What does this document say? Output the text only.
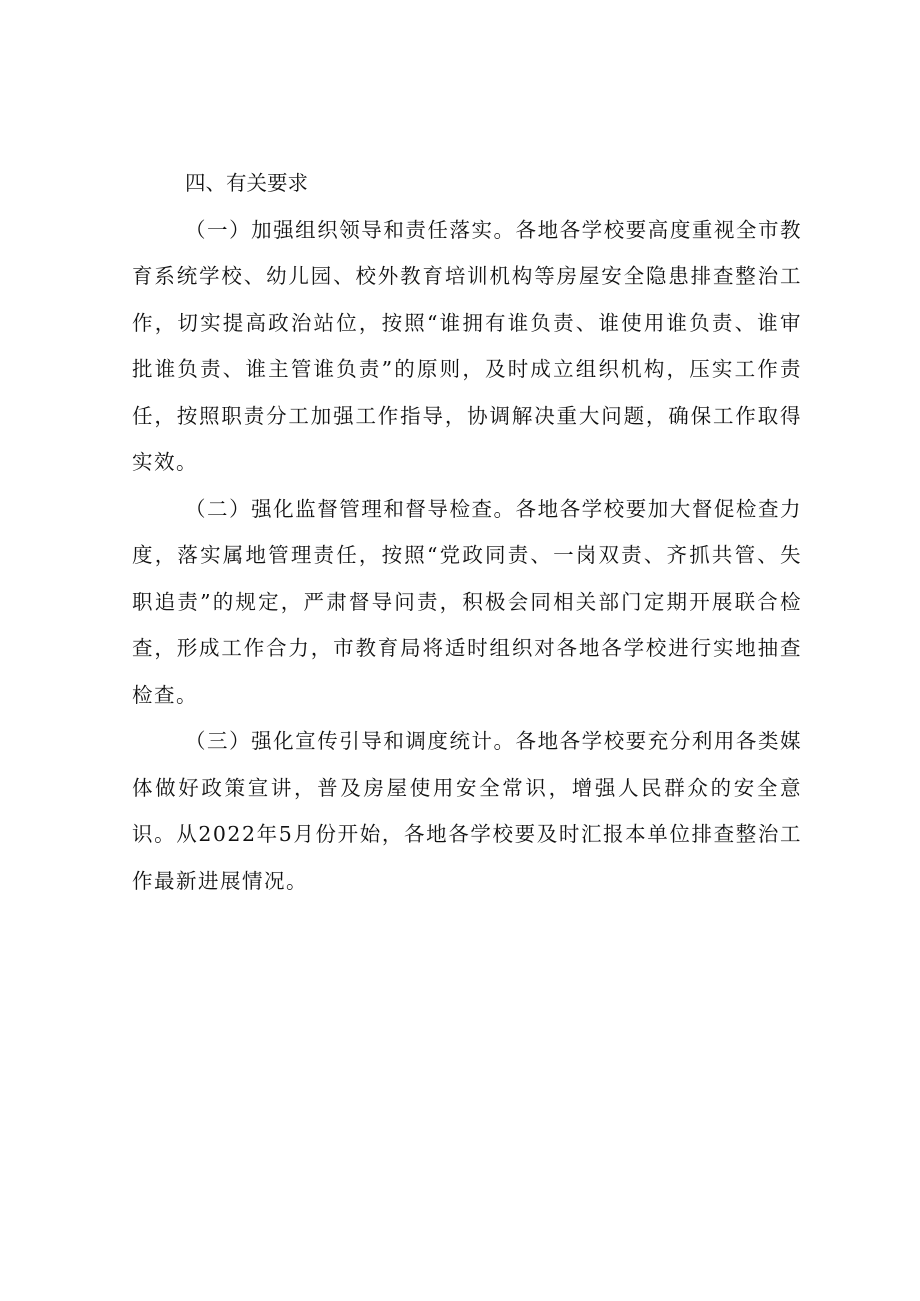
四、有关要求

（一）加强组织领导和责任落实。各地各学校要高度重视全市教育系统学校、幼儿园、校外教育培训机构等房屋安全隐患排查整治工作，切实提高政治站位，按照“谁拥有谁负责、谁使用谁负责、谁审批谁负责、谁主管谁负责”的原则，及时成立组织机构，压实工作责任，按照职责分工加强工作指导，协调解决重大问题，确保工作取得实效。

（二）强化监督管理和督导检查。各地各学校要加大督促检查力度，落实属地管理责任，按照“党政同责、一岗双责、齐抓共管、失职追责”的规定，严肃督导问责，积极会同相关部门定期开展联合检查，形成工作合力，市教育局将适时组织对各地各学校进行实地抽查检查。

（三）强化宣传引导和调度统计。各地各学校要充分利用各类媒体做好政策宣讲，普及房屋使用安全常识，增强人民群众的安全意识。从2022年5月份开始，各地各学校要及时汇报本单位排查整治工作最新进展情况。
